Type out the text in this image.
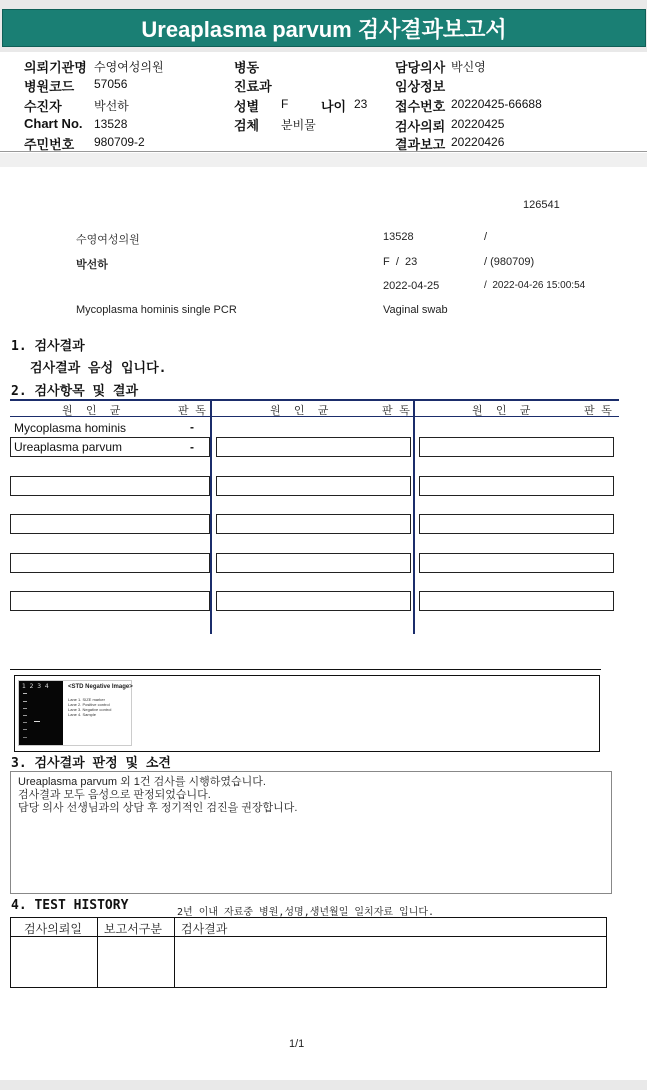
Ureaplasma parvum 검사결과보고서
의뢰기관명 수영여성의원
병원코드 57056
수진자	박선하
Chart No. 13528
주민번호 980709-2
병동
진료과
성별 F	나이 23
검체 분비물
담당의사 박신영
임상정보
접수번호 20220425-66688
검사의뢰 20220425
결과보고 20220426
126541
수영여성의원	13528	/
박선하	F  /  23	/ (980709)
2022-04-25	/  2022-04-26 15:00:54
Mycoplasma hominis single PCR	Vaginal swab
1. 검사결과
검사결과 음성 입니다.
2. 검사항목 및 결과
원  인  균	판 독	원  인  균	판 독	원  인  균	판 독
Mycoplasma hominis	-
Ureaplasma parvum	-
1  2  3  4	<STD Negative Image>
Lane 1. SIZE marker
Lane 2. Positive control
Lane 3. Negative control
Lane 4. Sample
3. 검사결과 판정 및 소견
Ureaplasma parvum 외 1건 검사를 시행하였습니다.
검사결과 모두 음성으로 판정되었습니다.
담당 의사 선생님과의 상담 후 정기적인 검진을 권장합니다.
4. TEST HISTORY	2년 이내 자료중 병원,성명,생년월일 일치자료 입니다.
검사의뢰일 보고서구분 검사결과
1/1
